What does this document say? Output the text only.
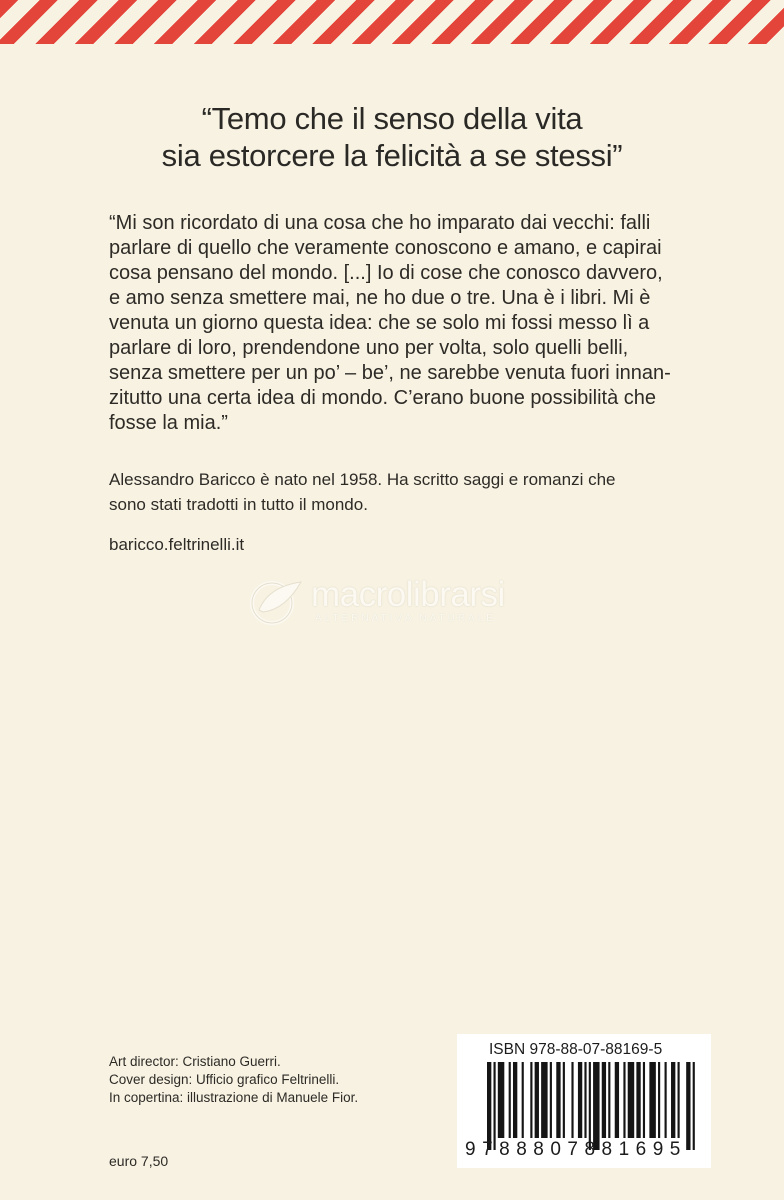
“Temo che il senso della vita
sia estorcere la felicità a se stessi”
“Mi son ricordato di una cosa che ho imparato dai vecchi: falli
parlare di quello che veramente conoscono e amano, e capirai
cosa pensano del mondo. [...] Io di cose che conosco davvero,
e amo senza smettere mai, ne ho due o tre. Una è i libri. Mi è
venuta un giorno questa idea: che se solo mi fossi messo lì a
parlare di loro, prendendone uno per volta, solo quelli belli,
senza smettere per un po’ – be’, ne sarebbe venuta fuori innan-
zitutto una certa idea di mondo. C’erano buone possibilità che
fosse la mia.”
Alessandro Baricco è nato nel 1958. Ha scritto saggi e romanzi che
sono stati tradotti in tutto il mondo.
baricco.feltrinelli.it
macrolibrarsi
ALTERNATIVA NATURALE
Art director: Cristiano Guerri.
Cover design: Ufficio grafico Feltrinelli.
In copertina: illustrazione di Manuele Fior.
euro 7,50
ISBN 978-88-07-88169-5
9788807881695
